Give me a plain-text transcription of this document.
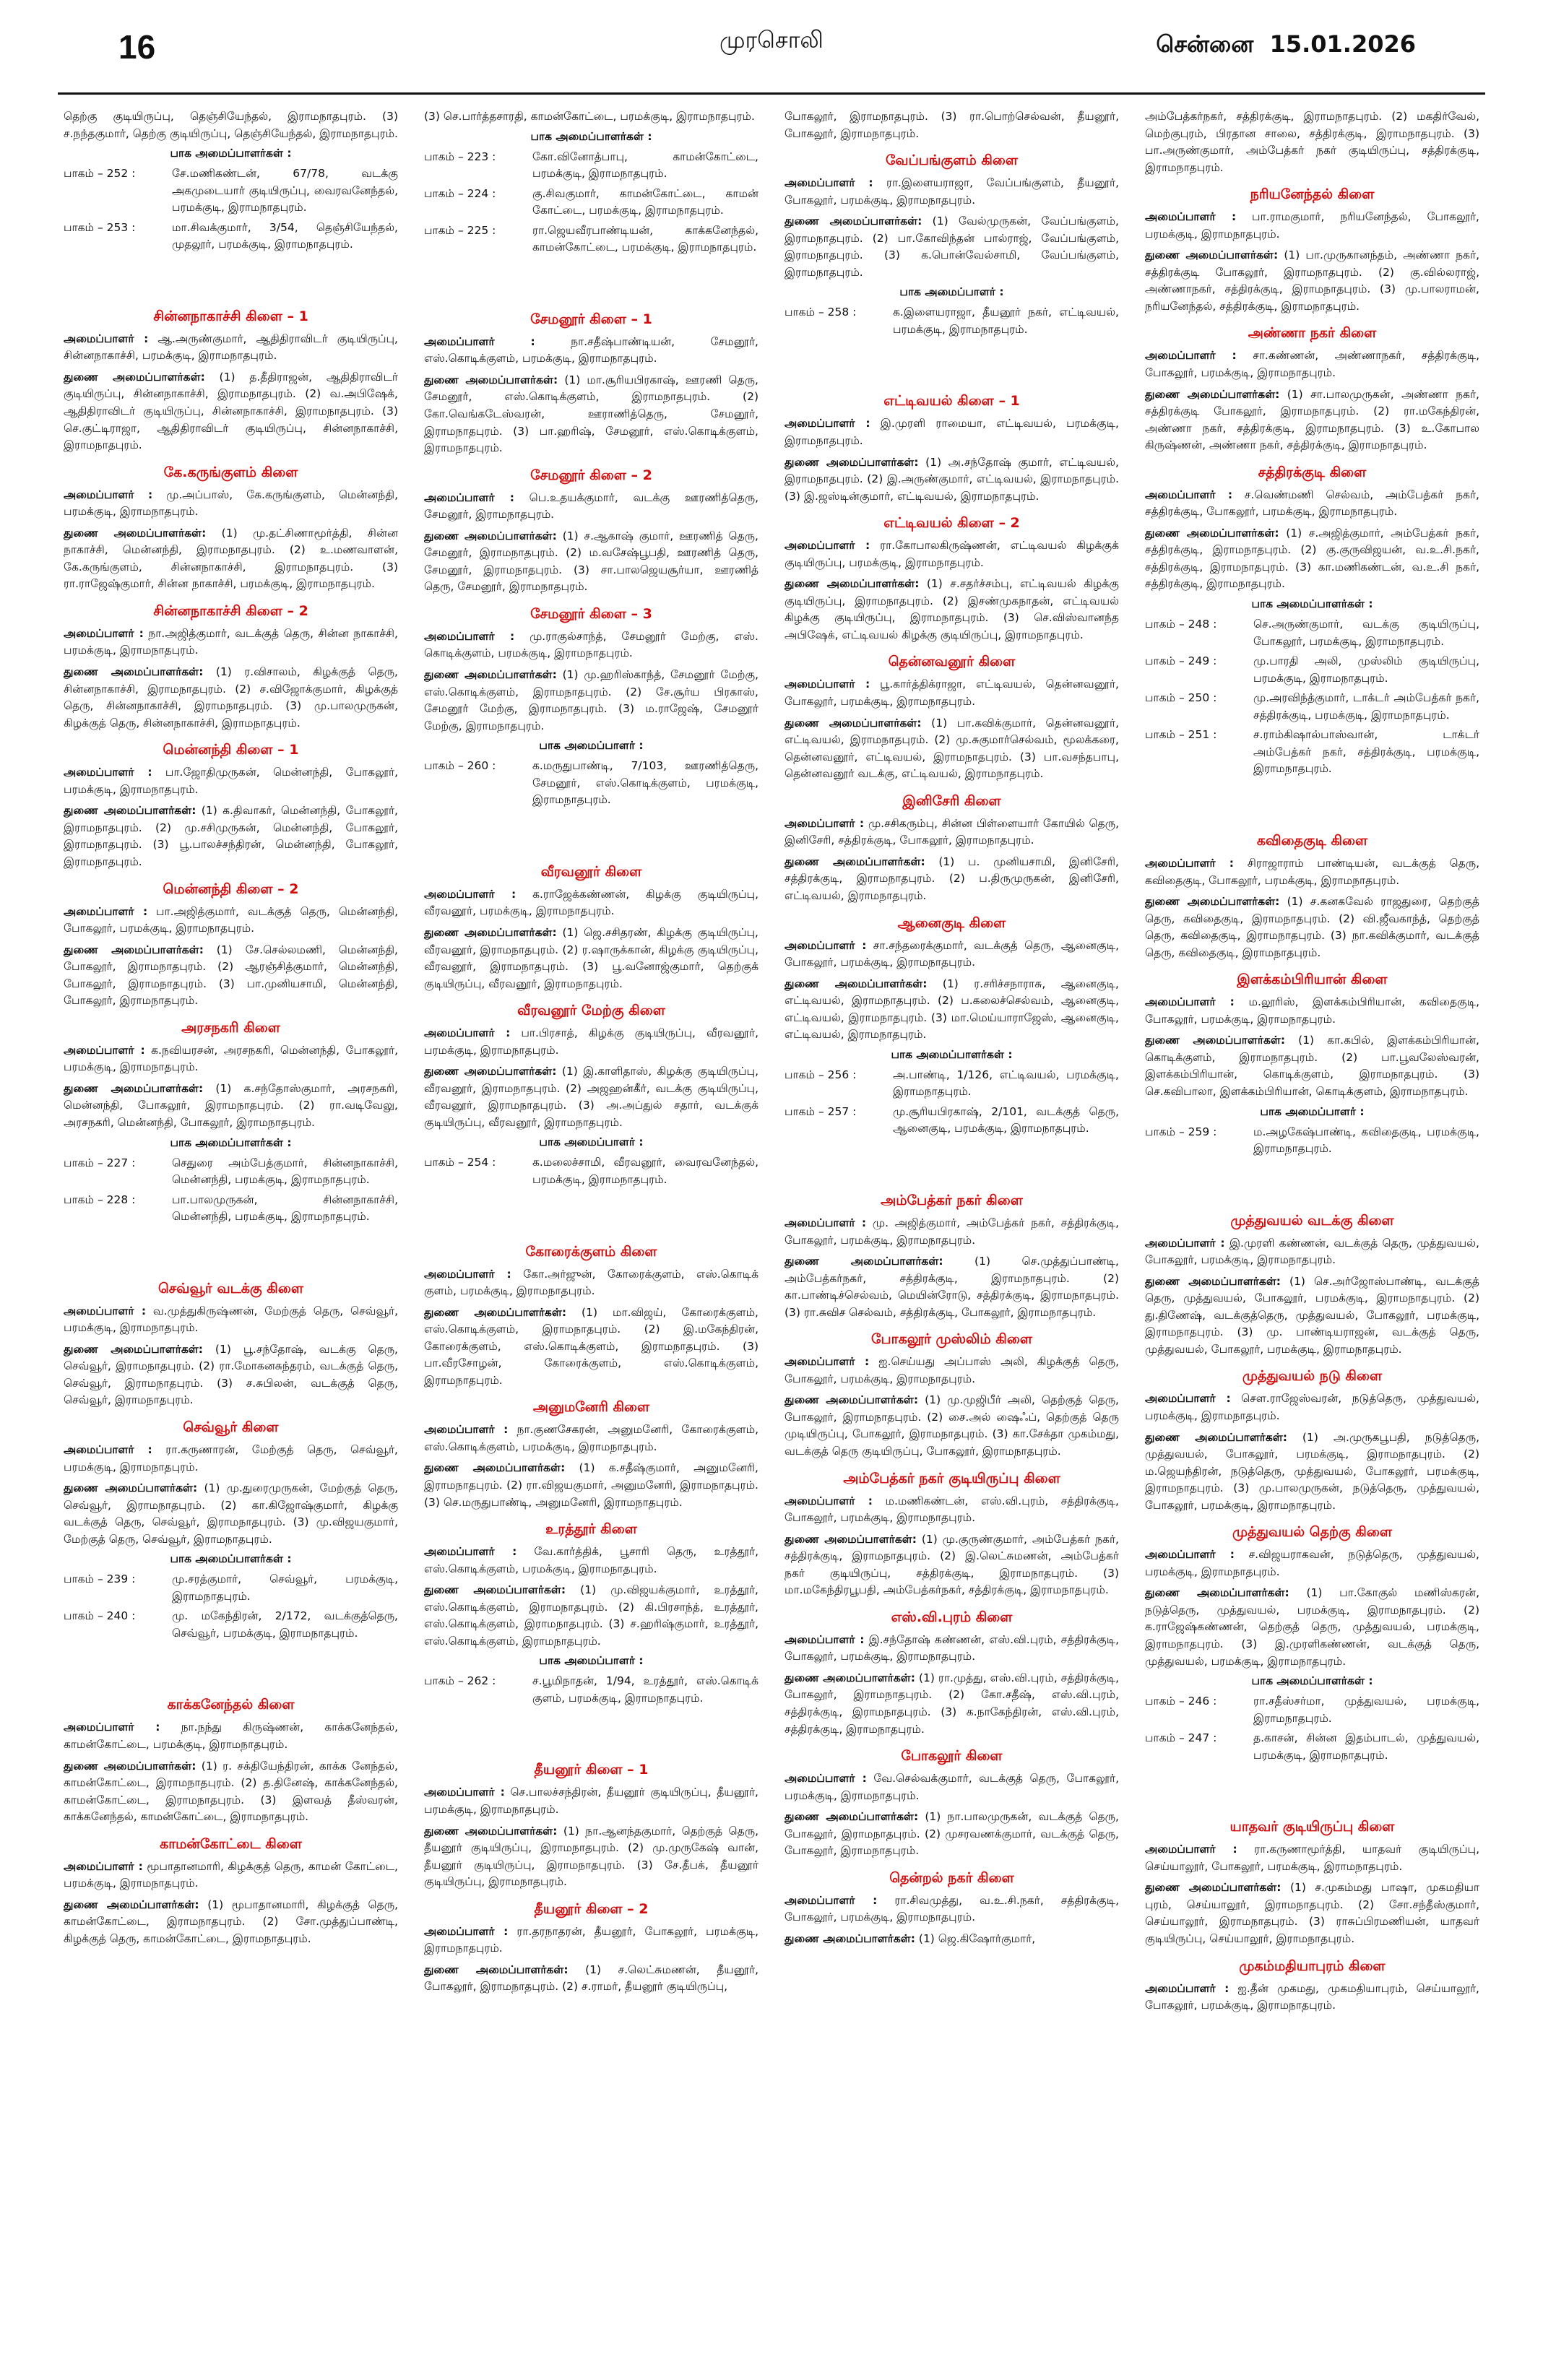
16	முரசொலி	சென்னை 15.01.2026

தெற்கு குடியிருப்பு, தெஞ்சியேந்தல், இராமநாதபுரம். (3) ச.நந்தகுமார், தெற்கு குடியிருப்பு, தெஞ்சியேந்தல், இராமநாதபுரம்.

பாக அமைப்பாளர்கள் :
பாகம் – 252 :	சே.மணிகண்டன், 67/78, வடக்கு அகமுடையார் குடியிருப்பு, வைரவனேந்தல், பரமக்குடி, இராமநாதபுரம்.
பாகம் – 253 :	மா.சிவக்குமார், 3/54, தெஞ்சியேந்தல், முதலூர், பரமக்குடி, இராமநாதபுரம்.
சின்னநாகாச்சி கிளை – 1

அமைப்பாளர் : ஆ.அருண்குமார், ஆதிதிராவிடர் குடியிருப்பு, சின்னநாகாச்சி, பரமக்குடி, இராமநாதபுரம்.

துணை அமைப்பாளர்கள்: (1) த.தீதிராஜன், ஆதிதிராவிடர் குடியிருப்பு, சின்னநாகாச்சி, இராமநாதபுரம். (2) வ.அபிஷேக், ஆதிதிராவிடர் குடியிருப்பு, சின்னநாகாச்சி, இராமநாதபுரம். (3) செ.குட்டிராஜா, ஆதிதிராவிடர் குடியிருப்பு, சின்னநாகாச்சி, இராமநாதபுரம்.

கே.கருங்குளம் கிளை

அமைப்பாளர் : மு.அப்பாஸ், கே.கருங்குளம், மென்னந்தி, பரமக்குடி, இராமநாதபுரம்.

துணை அமைப்பாளர்கள்: (1) மு.தட்சிணாமூர்த்தி, சின்ன நாகாச்சி, மென்னந்தி, இராமநாதபுரம். (2) உ.மணவாளன், கே.கருங்குளம், சின்னநாகாச்சி, இராமநாதபுரம். (3) ரா.ராஜேஷ்குமார், சின்ன நாகாச்சி, பரமக்குடி, இராமநாதபுரம்.

சின்னநாகாச்சி கிளை – 2

அமைப்பாளர் : நா.அஜித்குமார், வடக்குத் தெரு, சின்ன நாகாச்சி, பரமக்குடி, இராமநாதபுரம்.

துணை அமைப்பாளர்கள்: (1) ர.விசாலம், கிழக்குத் தெரு, சின்னநாகாச்சி, இராமநாதபுரம். (2) ச.விஜோக்குமார், கிழக்குத் தெரு, சின்னநாகாச்சி, இராமநாதபுரம். (3) மு.பாலமுருகன், கிழக்குத் தெரு, சின்னநாகாச்சி, இராமநாதபுரம்.

மென்னந்தி கிளை – 1

அமைப்பாளர் : பா.ஜோதிமுருகன், மென்னந்தி, போகலூர், பரமக்குடி, இராமநாதபுரம்.

துணை அமைப்பாளர்கள்: (1) க.திவாகர், மென்னந்தி, போகலூர், இராமநாதபுரம். (2) மு.சசிமுருகன், மென்னந்தி, போகலூர், இராமநாதபுரம். (3) பூ.பாலச்சந்திரன், மென்னந்தி, போகலூர், இராமநாதபுரம்.

மென்னந்தி கிளை – 2

அமைப்பாளர் : பா.அஜித்குமார், வடக்குத் தெரு, மென்னந்தி, போகலூர், பரமக்குடி, இராமநாதபுரம்.

துணை அமைப்பாளர்கள்: (1) சே.செல்லமணி, மென்னந்தி, போகலூர், இராமநாதபுரம். (2) ஆரஞ்சித்குமார், மென்னந்தி, போகலூர், இராமநாதபுரம். (3) பா.முனியசாமி, மென்னந்தி, போகலூர், இராமநாதபுரம்.

அரசநகரி கிளை

அமைப்பாளர் : க.நவியரசன், அரசநகரி, மென்னந்தி, போகலூர், பரமக்குடி, இராமநாதபுரம்.

துணை அமைப்பாளர்கள்: (1) க.சந்தோஸ்குமார், அரசநகரி, மென்னந்தி, போகலூர், இராமநாதபுரம். (2) ரா.வடிவேலு, அரசநகரி, மென்னந்தி, போகலூர், இராமநாதபுரம்.

பாக அமைப்பாளர்கள் :
பாகம் – 227 :	செதுரை அம்பேத்குமார், சின்னநாகாச்சி, மென்னந்தி, பரமக்குடி, இராமநாதபுரம்.
பாகம் – 228 :	பா.பாலமுருகன், சின்னநாகாச்சி, மென்னந்தி, பரமக்குடி, இராமநாதபுரம்.
செவ்வூர் வடக்கு கிளை

அமைப்பாளர் : வ.முத்துகிருஷ்ணன், மேற்குத் தெரு, செவ்வூர், பரமக்குடி, இராமநாதபுரம்.

துணை அமைப்பாளர்கள்: (1) பூ.சந்தோஷ், வடக்கு தெரு, செவ்வூர், இராமநாதபுரம். (2) ரா.மோகனசுந்தரம், வடக்குத் தெரு, செவ்வூர், இராமநாதபுரம். (3) ச.சுபிலன், வடக்குத் தெரு, செவ்வூர், இராமநாதபுரம்.

செவ்வூர் கிளை

அமைப்பாளர் : ரா.கருணாரன், மேற்குத் தெரு, செவ்வூர், பரமக்குடி, இராமநாதபுரம்.

துணை அமைப்பாளர்கள்: (1) மு.துரைமுருகன், மேற்குத் தெரு, செவ்வூர், இராமநாதபுரம். (2) கா.கிஜோஷ்குமார், கிழக்கு வடக்குத் தெரு, செவ்வூர், இராமநாதபுரம். (3) மு.விஜயகுமார், மேற்குத் தெரு, செவ்வூர், இராமநாதபுரம்.

பாக அமைப்பாளர்கள் :
பாகம் – 239 :	மு.சரத்குமார், செவ்வூர், பரமக்குடி, இராமநாதபுரம்.
பாகம் – 240 :	மு. மகேந்திரன், 2/172, வடக்குத்தெரு, செவ்வூர், பரமக்குடி, இராமநாதபுரம்.
காக்கனேந்தல் கிளை

அமைப்பாளர் : நா.நந்து கிருஷ்ணன், காக்கனேந்தல், காமன்கோட்டை, பரமக்குடி, இராமநாதபுரம்.

துணை அமைப்பாளர்கள்: (1) ர. சக்தியேந்திரன், காக்க னேந்தல், காமன்கோட்டை, இராமநாதபுரம். (2) த.தினேஷ், காக்கனேந்தல், காமன்கோட்டை, இராமநாதபுரம். (3) இளவத் தீஸ்வரன், காக்கனேந்தல், காமன்கோட்டை, இராமநாதபுரம்.

காமன்கோட்டை கிளை

அமைப்பாளர் : மூபாதானமாரி, கிழக்குத் தெரு, காமன் கோட்டை, பரமக்குடி, இராமநாதபுரம்.

துணை அமைப்பாளர்கள்: (1) மூபாதானமாரி, கிழக்குத் தெரு, காமன்கோட்டை, இராமநாதபுரம். (2) சோ.முத்துப்பாண்டி, கிழக்குத் தெரு, காமன்கோட்டை, இராமநாதபுரம்.

(3) செ.பார்த்தசாரதி, காமன்கோட்டை, பரமக்குடி, இராமநாதபுரம்.

பாக அமைப்பாளர்கள் :
பாகம் – 223 :	கோ.வினோத்பாபு, காமன்கோட்டை, பரமக்குடி, இராமநாதபுரம்.
பாகம் – 224 :	கு.சிவகுமார், காமன்கோட்டை, காமன் கோட்டை, பரமக்குடி, இராமநாதபுரம்.
பாகம் – 225 :	ரா.ஜெயவீரபாண்டியன், காக்கனேந்தல், காமன்கோட்டை, பரமக்குடி, இராமநாதபுரம்.
சேமனூர் கிளை – 1

அமைப்பாளர் :	நா.சதீஷ்பாண்டியன், சேமனூர், எஸ்.கொடிக்குளம், பரமக்குடி, இராமநாதபுரம்.

துணை அமைப்பாளர்கள்: (1) மா.சூரியபிரகாஷ், ஊரணி தெரு, சேமனூர், எஸ்.கொடிக்குளம், இராமநாதபுரம். (2) கோ.வெங்கடேஸ்வரன், ஊராணித்தெரு, சேமனூர், இராமநாதபுரம். (3) பா.ஹரிஷ், சேமனூர், எஸ்.கொடிக்குளம், இராமநாதபுரம்.

சேமனூர் கிளை – 2

அமைப்பாளர் : பெ.உதயக்குமார், வடக்கு ஊரணித்தெரு, சேமனூர், இராமநாதபுரம்.

துணை அமைப்பாளர்கள்: (1) ச.ஆகாஷ் குமார், ஊரணித் தெரு, சேமனூர், இராமநாதபுரம். (2) ம.வசேஷ்பூபதி, ஊரணித் தெரு, சேமனூர், இராமநாதபுரம். (3) சா.பாலஜெயசூர்யா, ஊரணித் தெரு, சேமனூர், இராமநாதபுரம்.

சேமனூர் கிளை – 3

அமைப்பாளர் : மு.ராகுல்சாந்த், சேமனூர் மேற்கு, எஸ். கொடிக்குளம், பரமக்குடி, இராமநாதபுரம்.

துணை அமைப்பாளர்கள்: (1) மு.ஹரிஸ்காந்த், சேமனூர் மேற்கு, எஸ்.கொடிக்குளம், இராமநாதபுரம். (2) சே.சூர்ய பிரகாஸ், சேமனூர் மேற்கு, இராமநாதபுரம். (3) ம.ராஜேஷ், சேமனூர் மேற்கு, இராமநாதபுரம்.

பாக அமைப்பாளர் :
பாகம் – 260 :	க.மருதுபாண்டி, 7/103, ஊரணித்தெரு, சேமனூர், எஸ்.கொடிக்குளம், பரமக்குடி, இராமநாதபுரம்.
வீரவனூர் கிளை

அமைப்பாளர் : க.ராஜேக்கண்ணன், கிழக்கு குடியிருப்பு, வீரவனூர், பரமக்குடி, இராமநாதபுரம்.

துணை அமைப்பாளர்கள்: (1) ஜெ.சசிதரண், கிழக்கு குடியிருப்பு, வீரவனூர், இராமநாதபுரம். (2) ர.ஷாருக்கான், கிழக்கு குடியிருப்பு, வீரவனூர், இராமநாதபுரம். (3) பூ.வனோஜ்குமார், தெற்குக் குடியிருப்பு, வீரவனூர், இராமநாதபுரம்.

வீரவனூர் மேற்கு கிளை

அமைப்பாளர் : பா.பிரசாத், கிழக்கு குடியிருப்பு, வீரவனூர், பரமக்குடி, இராமநாதபுரம்.

துணை அமைப்பாளர்கள்: (1) இ.காளிதாஸ், கிழக்கு குடியிருப்பு, வீரவனூர், இராமநாதபுரம். (2) அஜஹன்கீர், வடக்கு குடியிருப்பு, வீரவனூர், இராமநாதபுரம். (3) அ.அப்துல் சதார், வடக்குக் குடியிருப்பு, வீரவனூர், இராமநாதபுரம்.

பாக அமைப்பாளர் :
பாகம் – 254 :	க.மலைச்சாமி, வீரவனூர், வைரவனேந்தல், பரமக்குடி, இராமநாதபுரம்.
கோரைக்குளம் கிளை

அமைப்பாளர் : கோ.அர்ஜுன், கோரைக்குளம், எஸ்.கொடிக் குளம், பரமக்குடி, இராமநாதபுரம்.

துணை அமைப்பாளர்கள்: (1) மா.விஜய், கோரைக்குளம், எஸ்.கொடிக்குளம், இராமநாதபுரம். (2) இ.மகேந்திரன், கோரைக்குளம், எஸ்.கொடிக்குளம், இராமநாதபுரம். (3) பா.வீரசோழன், கோரைக்குளம், எஸ்.கொடிக்குளம், இராமநாதபுரம்.

அனுமனேரி கிளை

அமைப்பாளர் : நா.குணசேகரன், அனுமனேரி, கோரைக்குளம், எஸ்.கொடிக்குளம், பரமக்குடி, இராமநாதபுரம்.

துணை அமைப்பாளர்கள்: (1) க.சதீஷ்குமார், அனுமனேரி, இராமநாதபுரம். (2) ரா.விஜயகுமார், அனுமனேரி, இராமநாதபுரம். (3) செ.மருதுபாண்டி, அனுமனேரி, இராமநாதபுரம்.

உரத்தூர் கிளை

அமைப்பாளர் : வே.கார்த்திக், பூசாரி தெரு, உரத்தூர், எஸ்.கொடிக்குளம், பரமக்குடி, இராமநாதபுரம்.

துணை அமைப்பாளர்கள்: (1) மு.விஜயக்குமார், உரத்தூர், எஸ்.கொடிக்குளம், இராமநாதபுரம். (2) கி.பிரசாந்த், உரத்தூர், எஸ்.கொடிக்குளம், இராமநாதபுரம். (3) ச.ஹரிஷ்குமார், உரத்தூர், எஸ்.கொடிக்குளம், இராமநாதபுரம்.

பாக அமைப்பாளர் :
பாகம் – 262 :	ச.பூமிநாதன், 1/94, உரத்தூர், எஸ்.கொடிக் குளம், பரமக்குடி, இராமநாதபுரம்.
தீயனூர் கிளை – 1

அமைப்பாளர் : செ.பாலச்சந்திரன், தீயனூர் குடியிருப்பு, தீயனூர், பரமக்குடி, இராமநாதபுரம்.

துணை அமைப்பாளர்கள்: (1) நா.ஆனந்தகுமார், தெற்குத் தெரு, தீயனூர் குடியிருப்பு, இராமநாதபுரம். (2) மு.முருகேஷ் வான், தீயனூர் குடியிருப்பு, இராமநாதபுரம். (3) சே.தீபக், தீயனூர் குடியிருப்பு, இராமநாதபுரம்.

தீயனூர் கிளை – 2

அமைப்பாளர் : ரா.தரநாதரன், தீயனூர், போகலூர், பரமக்குடி, இராமநாதபுரம்.

துணை அமைப்பாளர்கள்: (1) ச.லெட்சுமணன், தீயனூர், போகலூர், இராமநாதபுரம். (2) ச.ராமர், தீயனூர் குடியிருப்பு,

போகலூர், இராமநாதபுரம். (3) ரா.பொற்செல்வன், தீயனூர், போகலூர், இராமநாதபுரம்.

வேப்பங்குளம் கிளை

அமைப்பாளர் : ரா.இளையராஜா, வேப்பங்குளம், தீயனூர், போகலூர், பரமக்குடி, இராமநாதபுரம்.

துணை அமைப்பாளர்கள்: (1) வேல்முருகன், வேப்பங்குளம், இராமநாதபுரம். (2) பா.கோவிந்தன் பால்ராஜ், வேப்பங்குளம், இராமநாதபுரம். (3) க.பொன்வேல்சாமி, வேப்பங்குளம், இராமநாதபுரம்.

பாக அமைப்பாளர் :
பாகம் – 258 :	க.இளையராஜா, தீயனூர் நகர், எட்டிவயல், பரமக்குடி, இராமநாதபுரம்.
எட்டிவயல் கிளை – 1

அமைப்பாளர் : இ.முரளி ராமையா, எட்டிவயல், பரமக்குடி, இராமநாதபுரம்.

துணை அமைப்பாளர்கள்: (1) அ.சந்தோஷ் குமார், எட்டிவயல், இராமநாதபுரம். (2) இ.அருண்குமார், எட்டிவயல், இராமநாதபுரம். (3) இ.ஜஸ்டின்குமார், எட்டிவயல், இராமநாதபுரம்.

எட்டிவயல் கிளை – 2

அமைப்பாளர் : ரா.கோபாலகிருஷ்ணன், எட்டிவயல் கிழக்குக் குடியிருப்பு, பரமக்குடி, இராமநாதபுரம்.

துணை அமைப்பாளர்கள்: (1) ச.சதர்ச்சம்பு, எட்டிவயல் கிழக்கு குடியிருப்பு, இராமநாதபுரம். (2) இசண்முகநாதன், எட்டிவயல் கிழக்கு குடியிருப்பு, இராமநாதபுரம். (3) செ.விஸ்வானந்த அபிஷேக், எட்டிவயல் கிழக்கு குடியிருப்பு, இராமநாதபுரம்.

தென்னவனூர் கிளை

அமைப்பாளர் : பூ.கார்த்திக்ராஜா, எட்டிவயல், தென்னவனூர், போகலூர், பரமக்குடி, இராமநாதபுரம்.

துணை அமைப்பாளர்கள்: (1) பா.கவிக்குமார், தென்னவனூர், எட்டிவயல், இராமநாதபுரம். (2) மு.சுகுமார்செல்வம், மூலக்கரை, தென்னவனூர், எட்டிவயல், இராமநாதபுரம். (3) பா.வசந்தபாபு, தென்னவனூர் வடக்கு, எட்டிவயல், இராமநாதபுரம்.

இனிசேரி கிளை

அமைப்பாளர் : மு.சசிகரும்பு, சின்ன பிள்ளையார் கோயில் தெரு, இனிசேரி, சத்திரக்குடி, போகலூர், இராமநாதபுரம்.

துணை அமைப்பாளர்கள்: (1) ப. முனியசாமி, இனிசேரி, சத்திரக்குடி, இராமநாதபுரம். (2) ப.திருமுருகன், இனிசேரி, எட்டிவயல், இராமநாதபுரம்.

ஆனைகுடி கிளை

அமைப்பாளர் : சா.சந்தரைக்குமார், வடக்குத் தெரு, ஆனைகுடி, போகலூர், பரமக்குடி, இராமநாதபுரம்.

துணை அமைப்பாளர்கள்: (1) ர.சரிச்சநாராசு, ஆனைகுடி, எட்டிவயல், இராமநாதபுரம். (2) ப.கலைச்செல்வம், ஆனைகுடி, எட்டிவயல், இராமநாதபுரம். (3) மா.மெய்யாராஜேஸ், ஆனைகுடி, எட்டிவயல், இராமநாதபுரம்.

பாக அமைப்பாளர்கள் :
பாகம் – 256 :	அ.பாண்டி, 1/126, எட்டிவயல், பரமக்குடி, இராமநாதபுரம்.
பாகம் – 257 :	மு.சூரியபிரகாஷ், 2/101, வடக்குத் தெரு, ஆனைகுடி, பரமக்குடி, இராமநாதபுரம்.
அம்பேத்கர் நகர் கிளை

அமைப்பாளர் : மு. அஜித்குமார், அம்பேத்கர் நகர், சத்திரக்குடி, போகலூர், பரமக்குடி, இராமநாதபுரம்.

துணை அமைப்பாளர்கள்:	(1) செ.முத்துப்பாண்டி, அம்பேத்கர்நகர், சத்திரக்குடி, இராமநாதபுரம். (2) கா.பாண்டிச்செல்வம், மெயின்ரோடு, சத்திரக்குடி, இராமநாதபுரம். (3) ரா.சுவிச செல்வம், சத்திரக்குடி, போகலூர், இராமநாதபுரம்.

போகலூர் முஸ்லிம் கிளை

அமைப்பாளர் : ஐ.செய்யது அப்பாஸ் அலி, கிழக்குத் தெரு, போகலூர், பரமக்குடி, இராமநாதபுரம்.

துணை அமைப்பாளர்கள்: (1) மு.முஜிபீர் அலி, தெற்குத் தெரு, போகலூர், இராமநாதபுரம். (2) சை.அல் ஷைஃப், தெற்குத் தெரு முடியிருப்பு, போகலூர், இராமநாதபுரம். (3) கா.சேக்தா முகம்மது, வடக்குத் தெரு குடியிருப்பு, போகலூர், இராமநாதபுரம்.

அம்பேத்கர் நகர் குடியிருப்பு கிளை

அமைப்பாளர் : ம.மணிகண்டன், எஸ்.வி.புரம், சத்திரக்குடி, போகலூர், பரமக்குடி, இராமநாதபுரம்.

துணை அமைப்பாளர்கள்: (1) மு.குருண்குமார், அம்பேத்கர் நகர், சத்திரக்குடி, இராமநாதபுரம். (2) இ.லெட்சுமணன், அம்பேத்கர் நகர் குடியிருப்பு, சத்திரக்குடி, இராமநாதபுரம். (3) மா.மகேந்திரபூபதி, அம்பேத்கர்நகர், சத்திரக்குடி, இராமநாதபுரம்.

எஸ்.வி.புரம் கிளை

அமைப்பாளர் : இ.சந்தோஷ் கண்ணன், எஸ்.வி.புரம், சத்திரக்குடி, போகலூர், பரமக்குடி, இராமநாதபுரம்.

துணை அமைப்பாளர்கள்: (1) ரா.முத்து, எஸ்.வி.புரம், சத்திரக்குடி, போகலூர், இராமநாதபுரம். (2) கோ.சதீஷ், எஸ்.வி.புரம், சத்திரக்குடி, இராமநாதபுரம். (3) க.நாகேந்திரன், எஸ்.வி.புரம், சத்திரக்குடி, இராமநாதபுரம்.

போகலூர் கிளை

அமைப்பாளர் : வே.செல்வக்குமார், வடக்குத் தெரு, போகலூர், பரமக்குடி, இராமநாதபுரம்.

துணை அமைப்பாளர்கள்: (1) நா.பாலமுருகன், வடக்குத் தெரு, போகலூர், இராமநாதபுரம். (2) முசரவணக்குமார், வடக்குத் தெரு, போகலூர், இராமநாதபுரம்.

தென்றல் நகர் கிளை

அமைப்பாளர் : ரா.சிவமுத்து, வ.உ.சி.நகர், சத்திரக்குடி, போகலூர், பரமக்குடி, இராமநாதபுரம்.

துணை அமைப்பாளர்கள்: (1) ஜெ.கிஷோர்குமார்,

அம்பேத்கர்நகர், சத்திரக்குடி, இராமநாதபுரம். (2) மகதிர்வேல், மெற்குபுரம், பிரதான சாலை, சத்திரக்குடி, இராமநாதபுரம். (3) பா.அருண்குமார், அம்பேத்கர் நகர் குடியிருப்பு, சத்திரக்குடி, இராமநாதபுரம்.

நரியனேந்தல் கிளை

அமைப்பாளர் : பா.ராமகுமார், நரியனேந்தல், போகலூர், பரமக்குடி, இராமநாதபுரம்.

துணை அமைப்பாளர்கள்: (1) பா.முருகானந்தம், அண்ணா நகர், சத்திரக்குடி போகலூர், இராமநாதபுரம். (2) கு.வில்லராஜ், அண்ணாநகர், சத்திரக்குடி, இராமநாதபுரம். (3) மு.பாலராமன், நரியனேந்தல், சத்திரக்குடி, இராமநாதபுரம்.

அண்ணா நகர் கிளை

அமைப்பாளர் : சா.கண்ணன், அண்ணாநகர், சத்திரக்குடி, போகலூர், பரமக்குடி, இராமநாதபுரம்.

துணை அமைப்பாளர்கள்: (1) சா.பாலமுருகன், அண்ணா நகர், சத்திரக்குடி போகலூர், இராமநாதபுரம். (2) ரா.மகேந்திரன், அண்ணா நகர், சத்திரக்குடி, இராமநாதபுரம். (3) உ.கோபால கிருஷ்ணன், அண்ணா நகர், சத்திரக்குடி, இராமநாதபுரம்.

சத்திரக்குடி கிளை

அமைப்பாளர் : ச.வெண்மணி செல்வம், அம்பேத்கர் நகர், சத்திரக்குடி, போகலூர், பரமக்குடி, இராமநாதபுரம்.

துணை அமைப்பாளர்கள்: (1) ச.அஜித்குமார், அம்பேத்கர் நகர், சத்திரக்குடி, இராமநாதபுரம். (2) கு.குருவிஜயன், வ.உ.சி.நகர், சத்திரக்குடி, இராமநாதபுரம். (3) கா.மணிகண்டன், வ.உ.சி நகர், சத்திரக்குடி, இராமநாதபுரம்.

பாக அமைப்பாளர்கள் :
பாகம் – 248 :	செ.அருண்குமார், வடக்கு குடியிருப்பு, போகலூர், பரமக்குடி, இராமநாதபுரம்.
பாகம் – 249 :	மு.பாரதி அலி, முஸ்லிம் குடியிருப்பு, பரமக்குடி, இராமநாதபுரம்.
பாகம் – 250 :	மு.அரவிந்த்குமார், டாக்டர் அம்பேத்கர் நகர், சத்திரக்குடி, பரமக்குடி, இராமநாதபுரம்.
பாகம் – 251 :	ச.ராம்கிஷால்பாஸ்வான், டாக்டர் அம்பேத்கர் நகர், சத்திரக்குடி, பரமக்குடி, இராமநாதபுரம்.
கவிதைகுடி கிளை

அமைப்பாளர் : சிராஜாராம் பாண்டியன், வடக்குத் தெரு, கவிதைகுடி, போகலூர், பரமக்குடி, இராமநாதபுரம்.

துணை அமைப்பாளர்கள்: (1) ச.கனகவேல் ராஜதுரை, தெற்குத் தெரு, கவிதைகுடி, இராமநாதபுரம். (2) வி.ஜீவகாந்த், தெற்குத் தெரு, கவிதைகுடி, இராமநாதபுரம். (3) நா.கவிக்குமார், வடக்குத் தெரு, கவிதைகுடி, இராமநாதபுரம்.

இளக்கம்பிரியான் கிளை

அமைப்பாளர் : ம.லூரிஸ், இளக்கம்பிரியான், கவிதைகுடி, போகலூர், பரமக்குடி, இராமநாதபுரம்.

துணை அமைப்பாளர்கள்: (1) கா.கபில், இளக்கம்பிரியான், கொடிக்குளம், இராமநாதபுரம். (2) பா.பூவலேஸ்வரன், இளக்கம்பிரியான், கொடிக்குளம், இராமநாதபுரம். (3) செ.கவிபாலா, இளக்கம்பிரியான், கொடிக்குளம், இராமநாதபுரம்.

பாக அமைப்பாளர் :
பாகம் – 259 :	ம.அழகேஷ்பாண்டி, கவிதைகுடி, பரமக்குடி, இராமநாதபுரம்.
முத்துவயல் வடக்கு கிளை

அமைப்பாளர் : இ.முரளி கண்ணன், வடக்குத் தெரு, முத்துவயல், போகலூர், பரமக்குடி, இராமநாதபுரம்.

துணை அமைப்பாளர்கள்: (1) செ.அர்ஜோஸ்பாண்டி, வடக்குத் தெரு, முத்துவயல், போகலூர், பரமக்குடி, இராமநாதபுரம். (2) து.திணேஷ், வடக்குத்தெரு, முத்துவயல், போகலூர், பரமக்குடி, இராமநாதபுரம். (3) மு. பாண்டியராஜன், வடக்குத் தெரு, முத்துவயல், போகலூர், பரமக்குடி, இராமநாதபுரம்.

முத்துவயல் நடு கிளை

அமைப்பாளர் : செள.ராஜேஸ்வரன், நடுத்தெரு, முத்துவயல், பரமக்குடி, இராமநாதபுரம்.

துணை அமைப்பாளர்கள்: (1) அ.முருகபூபதி, நடுத்தெரு, முத்துவயல், போகலூர், பரமக்குடி, இராமநாதபுரம். (2) ம.ஜெயந்திரன், நடுத்தெரு, முத்துவயல், போகலூர், பரமக்குடி, இராமநாதபுரம். (3) மு.பாலமுருகன், நடுத்தெரு, முத்துவயல், போகலூர், பரமக்குடி, இராமநாதபுரம்.

முத்துவயல் தெற்கு கிளை

அமைப்பாளர் : ச.விஜயராகவன், நடுத்தெரு, முத்துவயல், பரமக்குடி, இராமநாதபுரம்.

துணை அமைப்பாளர்கள்: (1) பா.கோகுல் மணிஸ்கரன், நடுத்தெரு, முத்துவயல், பரமக்குடி, இராமநாதபுரம். (2) க.ராஜேஷ்கண்ணன், தெற்குத் தெரு, முத்துவயல், பரமக்குடி, இராமநாதபுரம். (3) இ.முரளிகண்ணன், வடக்குத் தெரு, முத்துவயல், பரமக்குடி, இராமநாதபுரம்.

பாக அமைப்பாளர்கள் :
பாகம் – 246 :	ரா.சதீஸ்சர்மா, முத்துவயல், பரமக்குடி, இராமநாதபுரம்.
பாகம் – 247 :	த.காசன், சின்ன இதம்பாடல், முத்துவயல், பரமக்குடி, இராமநாதபுரம்.
யாதவர் குடியிருப்பு கிளை

அமைப்பாளர் : ரா.கருணாமூர்த்தி, யாதவர் குடியிருப்பு, செய்யாலூர், போகலூர், பரமக்குடி, இராமநாதபுரம்.

துணை அமைப்பாளர்கள்: (1) ச.முகம்மது பாஷா, முகமதியா புரம், செய்யாலூர், இராமநாதபுரம். (2) சோ.சந்தீஸ்குமார், செய்யாலூர், இராமநாதபுரம். (3) ராசுப்பிரமணியன், யாதவர் குடியிருப்பு, செய்யாலூர், இராமநாதபுரம்.

முகம்மதியாபுரம் கிளை

அமைப்பாளர் : ஐ.தீன் முகமது, முகமதியாபுரம், செய்யாலூர், போகலூர், பரமக்குடி, இராமநாதபுரம்.
